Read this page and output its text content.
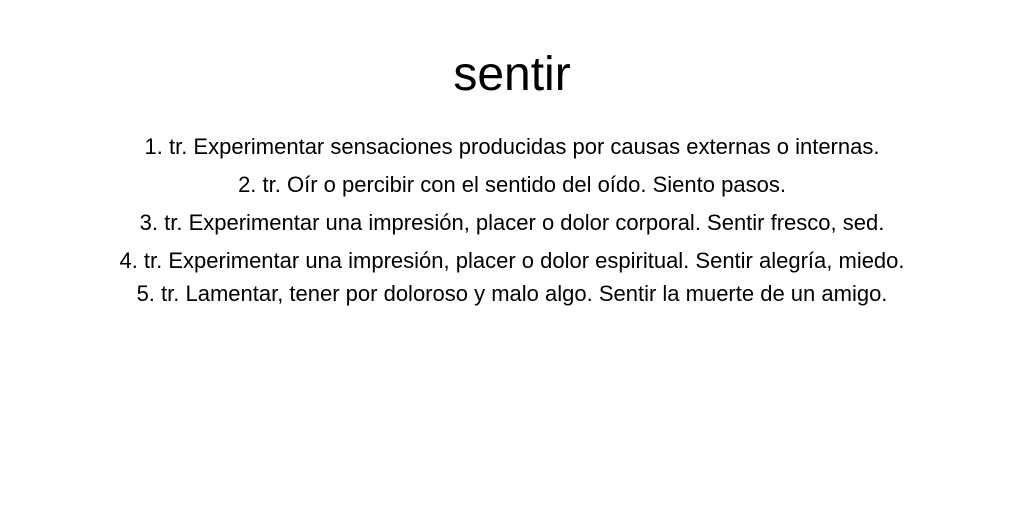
sentir
1. tr. Experimentar sensaciones producidas por causas externas o internas.
2. tr. Oír o percibir con el sentido del oído. Siento pasos.
3. tr. Experimentar una impresión, placer o dolor corporal. Sentir fresco, sed.
4. tr. Experimentar una impresión, placer o dolor espiritual. Sentir alegría, miedo.
5. tr. Lamentar, tener por doloroso y malo algo. Sentir la muerte de un amigo.
